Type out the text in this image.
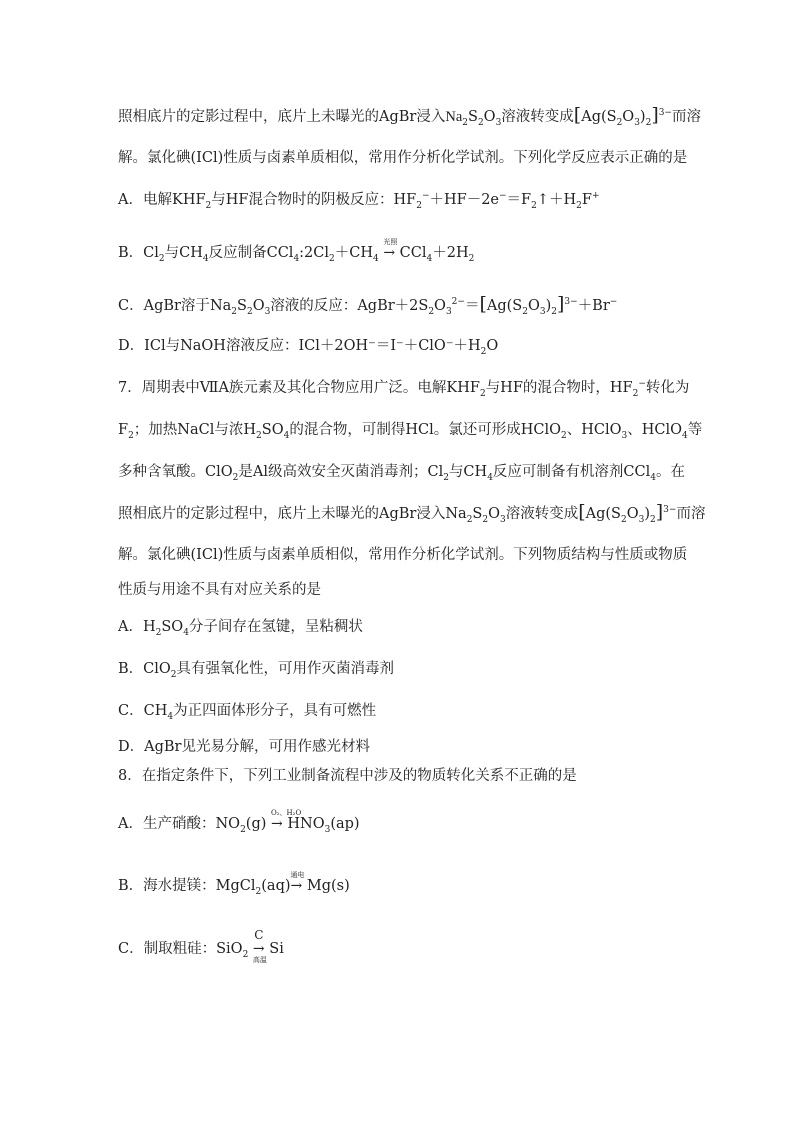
照相底片的定影过程中，底片上未曝光的AgBr浸入$Na_2S_2O_3$溶液转变成$[Ag(S_2O_3)_2]^{3-}$而溶
解。氯化碘(ICl)性质与卤素单质相似，常用作分析化学试剂。下列化学反应表示正确的是
A．电解$KHF_2$与HF混合物时的阴极反应：$HF_2^-+HF-2e^-=F_2↑+H_2F^+$
B．$Cl_2$与$CH_4$反应制备$CCl_4:2Cl_2+CH_4$
光照
→ $CCl_4+2H_2$
C．AgBr溶于$Na_2S_2O_3$溶液的反应：$AgBr+2S_2O_3^{2-}=[Ag(S_2O_3)_2]^{3-}+Br^-$
D．ICl与NaOH溶液反应：$ICl+2OH^-=I^-+ClO^-+H_2O$
7．周期表中ⅦA族元素及其化合物应用广泛。电解$KHF_2$与HF的混合物时，$HF_2^-$转化为
$F_2$；加热NaCl与浓$H_2SO_4$的混合物，可制得HCl。氯还可形成HClO$_2$、HClO$_3$、HClO$_4$等
多种含氧酸。ClO$_2$是Al级高效安全灭菌消毒剂；$Cl_2$与$CH_4$反应可制备有机溶剂CCl$_4$。在
照相底片的定影过程中，底片上未曝光的AgBr浸入$Na_2S_2O_3$溶液转变成$[Ag(S_2O_3)_2]^{3-}$而溶
解。氯化碘(ICl)性质与卤素单质相似，常用作分析化学试剂。下列物质结构与性质或物质
性质与用途不具有对应关系的是
A．$H_2SO_4$分子间存在氢键，呈粘稠状
B．ClO$_2$具有强氧化性，可用作灭菌消毒剂
C．$CH_4$为正四面体形分子，具有可燃性
D．AgBr见光易分解，可用作感光材料
8．在指定条件下，下列工业制备流程中涉及的物质转化关系不正确的是
A．生产硝酸：$NO_2(g)$
O₂、H₂O
→ $HNO_3(ap)$
B．海水提镁：MgCl$_2$(aq)
通电
→ Mg(s)
C．制取粗硅：SiO$_2$
C
→
高温
Si
